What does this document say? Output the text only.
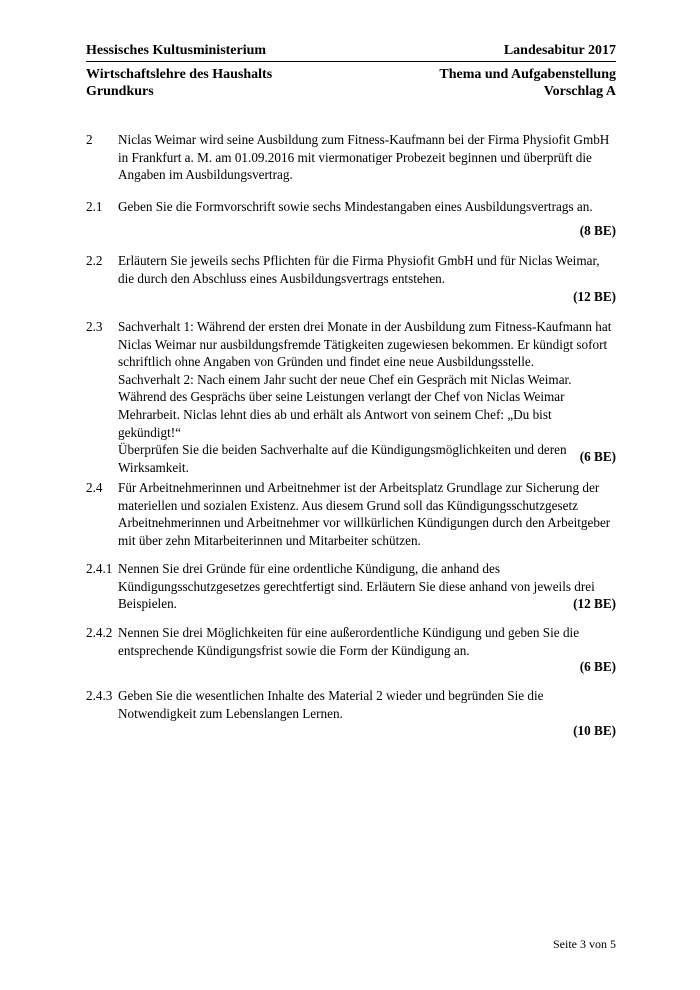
Hessisches Kultusministerium	Landesabitur 2017
Wirtschaftslehre des Haushalts	Thema und Aufgabenstellung
Grundkurs	Vorschlag A
2	Niclas Weimar wird seine Ausbildung zum Fitness-Kaufmann bei der Firma Physiofit GmbH in Frankfurt a. M. am 01.09.2016 mit viermonatiger Probezeit beginnen und überprüft die Angaben im Ausbildungsvertrag.

2.1	Geben Sie die Formvorschrift sowie sechs Mindestangaben eines Ausbildungsvertrags an.

(8 BE)
2.2	Erläutern Sie jeweils sechs Pflichten für die Firma Physiofit GmbH und für Niclas Weimar, die durch den Abschluss eines Ausbildungsvertrags entstehen.

(12 BE)
2.3	Sachverhalt 1: Während der ersten drei Monate in der Ausbildung zum Fitness-Kaufmann hat Niclas Weimar nur ausbildungsfremde Tätigkeiten zugewiesen bekommen. Er kündigt sofort schriftlich ohne Angaben von Gründen und findet eine neue Ausbildungsstelle.

Sachverhalt 2: Nach einem Jahr sucht der neue Chef ein Gespräch mit Niclas Weimar. Während des Gesprächs über seine Leistungen verlangt der Chef von Niclas Weimar Mehrarbeit. Niclas lehnt dies ab und erhält als Antwort von seinem Chef: „Du bist gekündigt!“

Überprüfen Sie die beiden Sachverhalte auf die Kündigungsmöglichkeiten und deren Wirksamkeit.

(6 BE)
2.4	Für Arbeitnehmerinnen und Arbeitnehmer ist der Arbeitsplatz Grundlage zur Sicherung der materiellen und sozialen Existenz. Aus diesem Grund soll das Kündigungsschutzgesetz Arbeitnehmerinnen und Arbeitnehmer vor willkürlichen Kündigungen durch den Arbeitgeber mit über zehn Mitarbeiterinnen und Mitarbeiter schützen.

2.4.1 Nennen Sie drei Gründe für eine ordentliche Kündigung, die anhand des Kündigungsschutzgesetzes gerechtfertigt sind. Erläutern Sie diese anhand von jeweils drei Beispielen.	(12 BE)
2.4.2 Nennen Sie drei Möglichkeiten für eine außerordentliche Kündigung und geben Sie die entsprechende Kündigungsfrist sowie die Form der Kündigung an.

(6 BE)
2.4.3 Geben Sie die wesentlichen Inhalte des Material 2 wieder und begründen Sie die Notwendigkeit zum Lebenslangen Lernen.

(10 BE)
Seite 3 von 5
